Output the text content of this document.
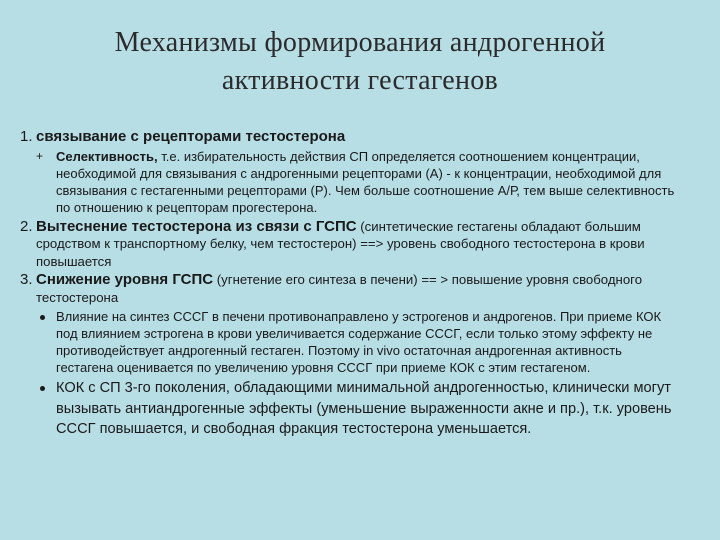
Механизмы формирования андрогенной
активности гестагенов
1. связывание с рецепторами тестостерона
+ Селективность, т.е. избирательность действия СП определяется соотношением концентрации, необходимой для связывания с андрогенными рецепторами (А) - к концентрации, необходимой для связывания с гестагенными рецепторами (Р). Чем больше соотношение А/Р, тем выше селективность по отношению к рецепторам прогестерона.
2. Вытеснение тестостерона из связи с ГСПС (синтетические гестагены обладают большим сродством к транспортному белку, чем тестостерон) ==> уровень свободного тестостерона в крови повышается
3. Снижение уровня ГСПС (угнетение его синтеза в печени) == > повышение уровня свободного тестостерона
Влияние на синтез СССГ в печени противонаправлено у эстрогенов и андрогенов. При приеме КОК под влиянием эстрогена в крови увеличивается содержание СССГ, если только этому эффекту не противодействует андрогенный гестаген. Поэтому in vivo остаточная андрогенная активность гестагена оценивается по увеличению уровня СССГ при приеме КОК с этим гестагеном.
КОК с СП 3-го поколения, обладающими минимальной андрогенностью, клинически могут вызывать антиандрогенные эффекты (уменьшение выраженности акне и пр.), т.к. уровень СССГ повышается, и свободная фракция тестостерона уменьшается.
